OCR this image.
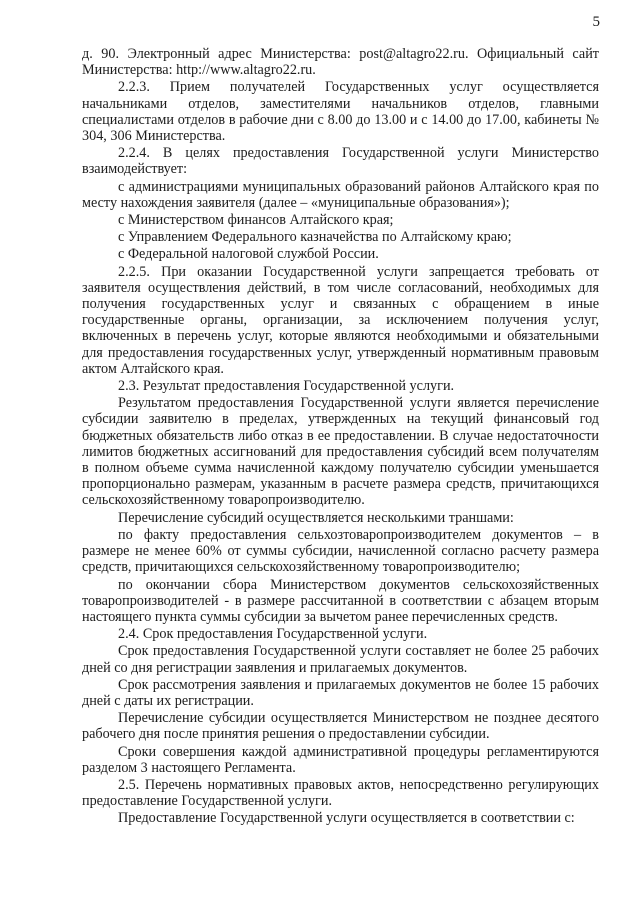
5

д. 90. Электронный адрес Министерства: post@altagro22.ru. Официальный сайт Министерства: http://www.altagro22.ru.

2.2.3. Прием получателей Государственных услуг осуществляется начальниками отделов, заместителями начальников отделов, главными специалистами отделов в рабочие дни с 8.00 до 13.00 и с 14.00 до 17.00, кабинеты № 304, 306 Министерства.

2.2.4. В целях предоставления Государственной услуги Министерство взаимодействует:

с администрациями муниципальных образований районов Алтайского края по месту нахождения заявителя (далее – «муниципальные образования»);

с Министерством финансов Алтайского края;

с Управлением Федерального казначейства по Алтайскому краю;

с Федеральной налоговой службой России.

2.2.5. При оказании Государственной услуги запрещается требовать от заявителя осуществления действий, в том числе согласований, необходимых для получения государственных услуг и связанных с обращением в иные государственные органы, организации, за исключением получения услуг, включенных в перечень услуг, которые являются необходимыми и обязательными для предоставления государственных услуг, утвержденный нормативным правовым актом Алтайского края.

2.3. Результат предоставления Государственной услуги.

Результатом предоставления Государственной услуги является перечисление субсидии заявителю в пределах, утвержденных на текущий финансовый год бюджетных обязательств либо отказ в ее предоставлении. В случае недостаточности лимитов бюджетных ассигнований для предоставления субсидий всем получателям в полном объеме сумма начисленной каждому получателю субсидии уменьшается пропорционально размерам, указанным в расчете размера средств, причитающихся сельскохозяйственному товаропроизводителю.

Перечисление субсидий осуществляется несколькими траншами:

по факту предоставления сельхозтоваропроизводителем документов – в размере не менее 60% от суммы субсидии, начисленной согласно расчету размера средств, причитающихся сельскохозяйственному товаропроизводителю;

по окончании сбора Министерством документов сельскохозяйственных товаропроизводителей - в размере рассчитанной в соответствии с абзацем вторым настоящего пункта суммы субсидии за вычетом ранее перечисленных средств.

2.4. Срок предоставления Государственной услуги.

Срок предоставления Государственной услуги составляет не более 25 рабочих дней со дня регистрации заявления и прилагаемых документов.

Срок рассмотрения заявления и прилагаемых документов не более 15 рабочих дней с даты их регистрации.

Перечисление субсидии осуществляется Министерством не позднее десятого рабочего дня после принятия решения о предоставлении субсидии.

Сроки совершения каждой административной процедуры регламентируются разделом 3 настоящего Регламента.

2.5. Перечень нормативных правовых актов, непосредственно регулирующих предоставление Государственной услуги.

Предоставление Государственной услуги осуществляется в соответствии с:
